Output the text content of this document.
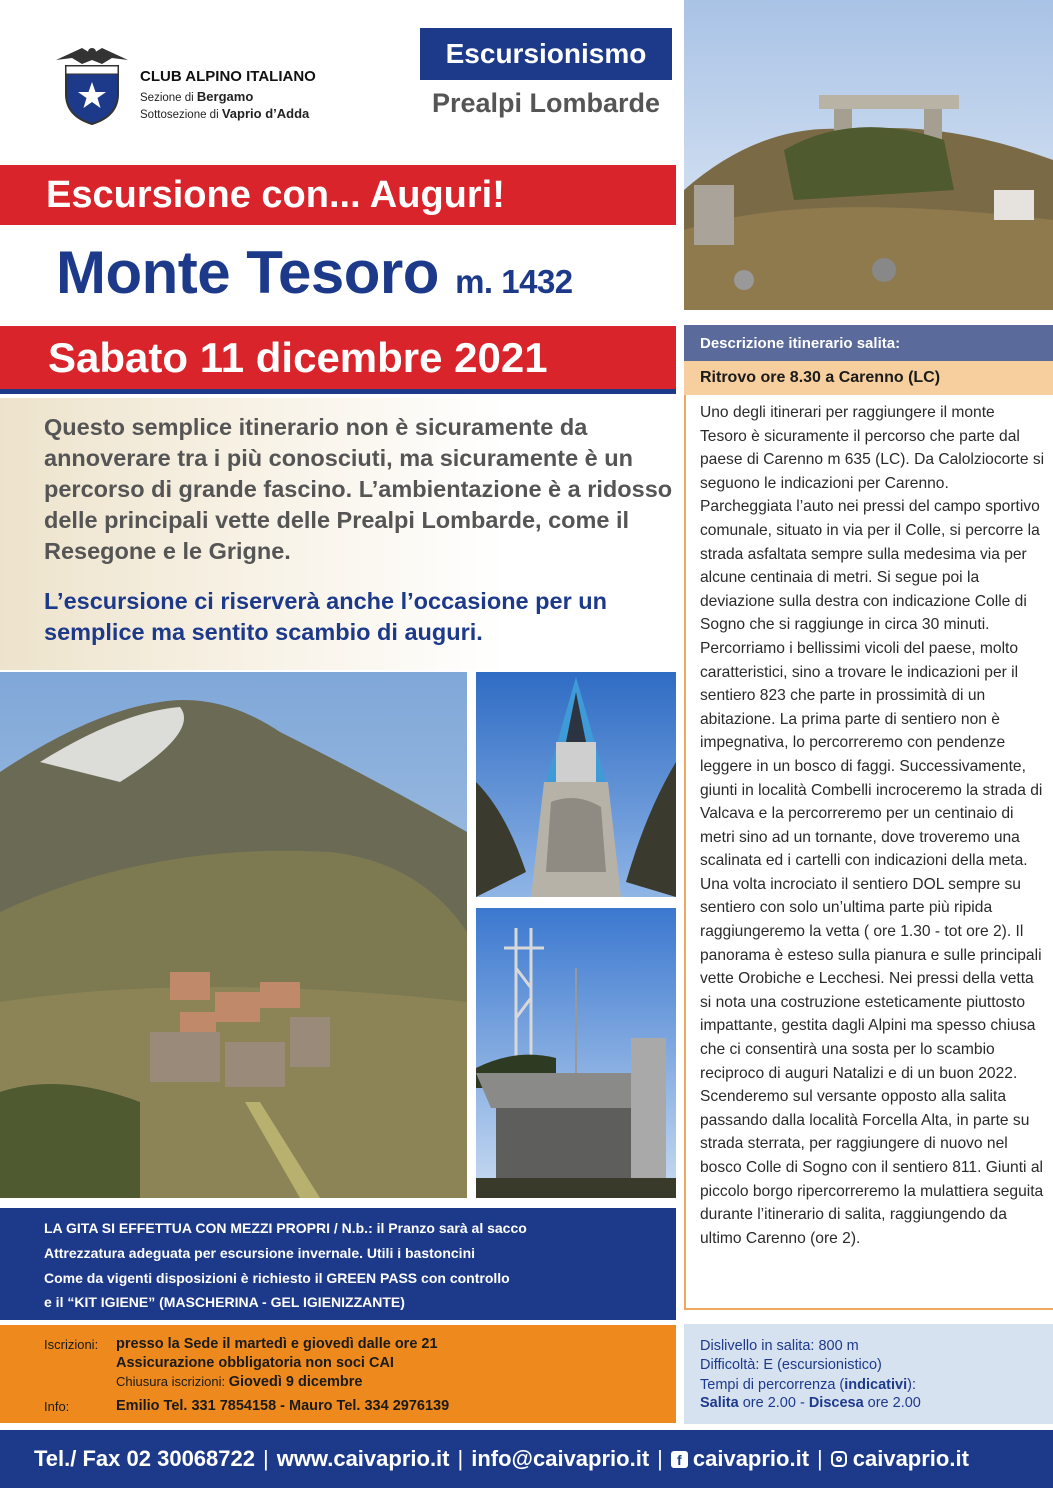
CLUB ALPINO ITALIANO
Sezione di Bergamo
Sottosezione di Vaprio d’Adda
Escursionismo
Prealpi Lombarde
Escursione con... Auguri!
Monte Tesoro m. 1432
Sabato 11 dicembre 2021
Questo semplice itinerario non è sicuramente da annoverare tra i più conosciuti, ma sicuramente è un percorso di grande fascino. L’ambientazione è a ridosso delle principali vette delle Prealpi Lombarde, come il Resegone e le Grigne.
L’escursione ci riserverà anche l’occasione per un semplice ma sentito scambio di auguri.
LA GITA SI EFFETTUA CON MEZZI PROPRI / N.b.: il Pranzo sarà al sacco
Attrezzatura adeguata per escursione invernale. Utili i bastoncini
Come da vigenti disposizioni è richiesto il GREEN PASS con controllo
e il “KIT IGIENE” (MASCHERINA - GEL IGIENIZZANTE)
Iscrizioni: presso la Sede il martedì e giovedì dalle ore 21
Assicurazione obbligatoria non soci CAI
Chiusura iscrizioni: Giovedì 9 dicembre
Info:	Emilio Tel. 331 7854158 - Mauro Tel. 334 2976139
Descrizione itinerario salita:
Ritrovo ore 8.30 a Carenno (LC)

Uno degli itinerari per raggiungere il monte Tesoro è sicuramente il percorso che parte dal paese di Carenno m 635 (LC). Da Calolziocorte si seguono le indicazioni per Carenno. Parcheggiata l’auto nei pressi del campo sportivo comunale, situato in via per il Colle, si percorre la strada asfaltata sempre sulla medesima via per alcune centinaia di metri. Si segue poi la deviazione sulla destra con indicazione Colle di Sogno che si raggiunge in circa 30 minuti. Percorriamo i bellissimi vicoli del paese, molto caratteristici, sino a trovare le indicazioni per il sentiero 823 che parte in prossimità di un abitazione. La prima parte di sentiero non è impegnativa, lo percorreremo con pendenze leggere in un bosco di faggi. Successivamente, giunti in località Combelli incroceremo la strada di Valcava e la percorreremo per un centinaio di metri sino ad un tornante, dove troveremo una scalinata ed i cartelli con indicazioni della meta. Una volta incrociato il sentiero DOL sempre su sentiero con solo un’ultima parte più ripida raggiungeremo la vetta ( ore 1.30 - tot ore 2). Il panorama è esteso sulla pianura e sulle principali vette Orobiche e Lecchesi. Nei pressi della vetta si nota una costruzione esteticamente piuttosto impattante, gestita dagli Alpini ma spesso chiusa che ci consentirà una sosta per lo scambio reciproco di auguri Natalizi e di un buon 2022. Scenderemo sul versante opposto alla salita passando dalla località Forcella Alta, in parte su strada sterrata, per raggiungere di nuovo nel bosco Colle di Sogno con il sentiero 811. Giunti al piccolo borgo ripercorreremo la mulattiera seguita durante l’itinerario di salita, raggiungendo da ultimo Carenno (ore 2).

Dislivello in salita: 800 m
Difficoltà: E (escursionistico)
Tempi di percorrenza (indicativi):
Salita ore 2.00 - Discesa ore 2.00
Tel./ Fax 02 30068722 | www.caivaprio.it | info@caivaprio.it |	f caivaprio.it | caivaprio.it
